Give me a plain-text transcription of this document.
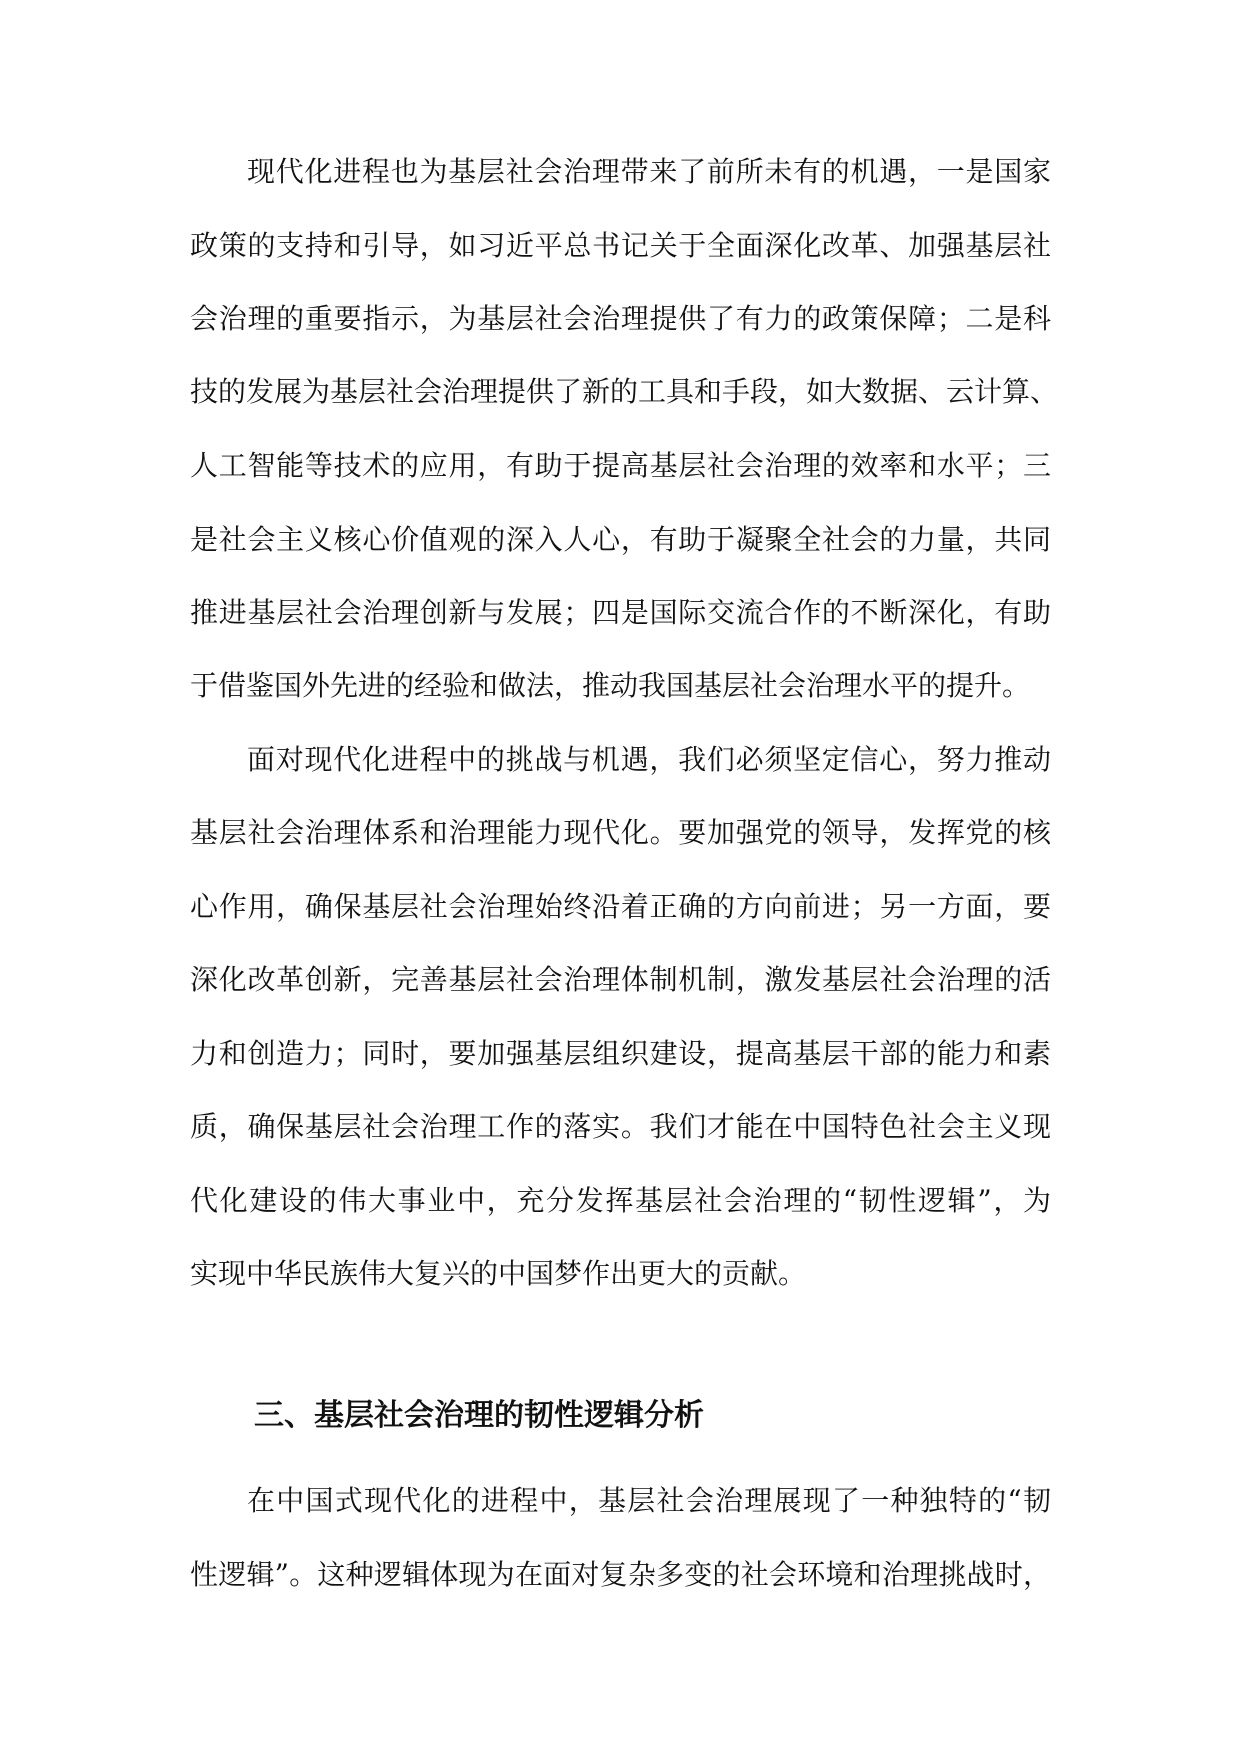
现代化进程也为基层社会治理带来了前所未有的机遇，一是国家
政策的支持和引导，如习近平总书记关于全面深化改革、加强基层社
会治理的重要指示，为基层社会治理提供了有力的政策保障；二是科
技的发展为基层社会治理提供了新的工具和手段，如大数据、云计算、
人工智能等技术的应用，有助于提高基层社会治理的效率和水平；三
是社会主义核心价值观的深入人心，有助于凝聚全社会的力量，共同
推进基层社会治理创新与发展；四是国际交流合作的不断深化，有助
于借鉴国外先进的经验和做法，推动我国基层社会治理水平的提升。
面对现代化进程中的挑战与机遇，我们必须坚定信心，努力推动
基层社会治理体系和治理能力现代化。要加强党的领导，发挥党的核
心作用，确保基层社会治理始终沿着正确的方向前进；另一方面，要
深化改革创新，完善基层社会治理体制机制，激发基层社会治理的活
力和创造力；同时，要加强基层组织建设，提高基层干部的能力和素
质，确保基层社会治理工作的落实。我们才能在中国特色社会主义现
代化建设的伟大事业中，充分发挥基层社会治理的“韧性逻辑”，为
实现中华民族伟大复兴的中国梦作出更大的贡献。
三、基层社会治理的韧性逻辑分析
在中国式现代化的进程中，基层社会治理展现了一种独特的“韧
性逻辑”。这种逻辑体现为在面对复杂多变的社会环境和治理挑战时，
